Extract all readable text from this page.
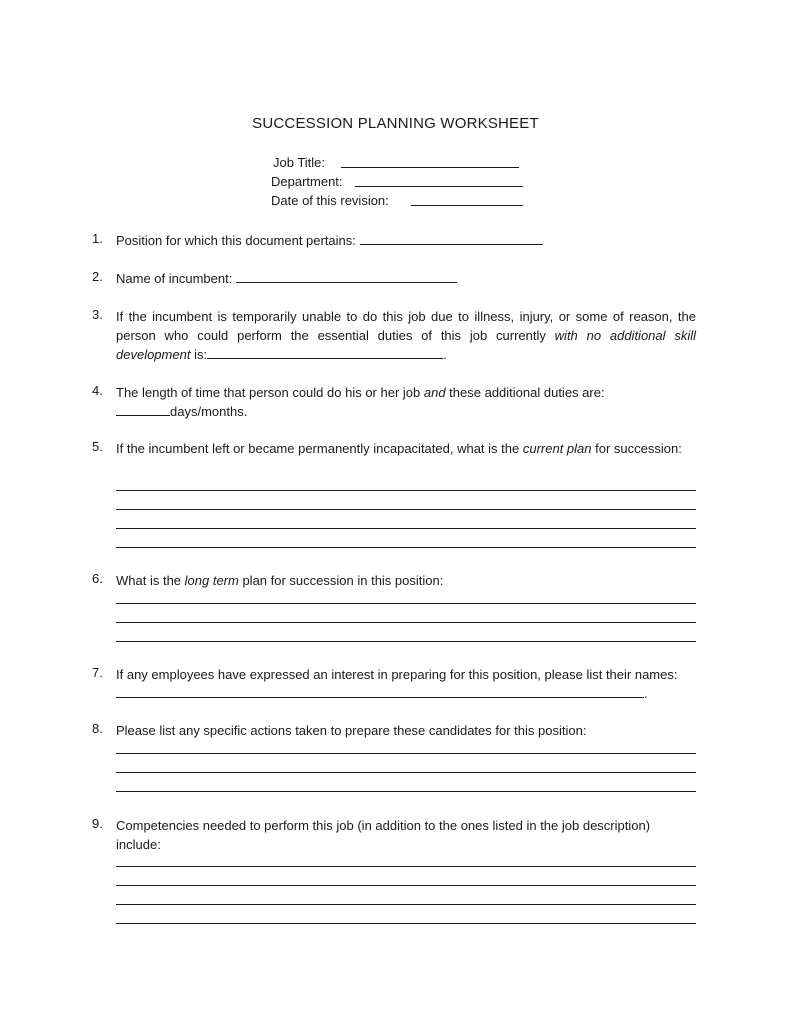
SUCCESSION PLANNING WORKSHEET
Job Title:
Department:
Date of this revision:
1. Position for which this document pertains:
2. Name of incumbent:
3. If the incumbent is temporarily unable to do this job due to illness, injury, or some of reason, the person who could perform the essential duties of this job currently with no additional skill development is:	.
4. The length of time that person could do his or her job and these additional duties are:
days/months.
5. If the incumbent left or became permanently incapacitated, what is the current plan for succession:
6. What is the long term plan for succession in this position:
7. If any employees have expressed an interest in preparing for this position, please list their names:.
8. Please list any specific actions taken to prepare these candidates for this position:
9. Competencies needed to perform this job (in addition to the ones listed in the job description) include:
